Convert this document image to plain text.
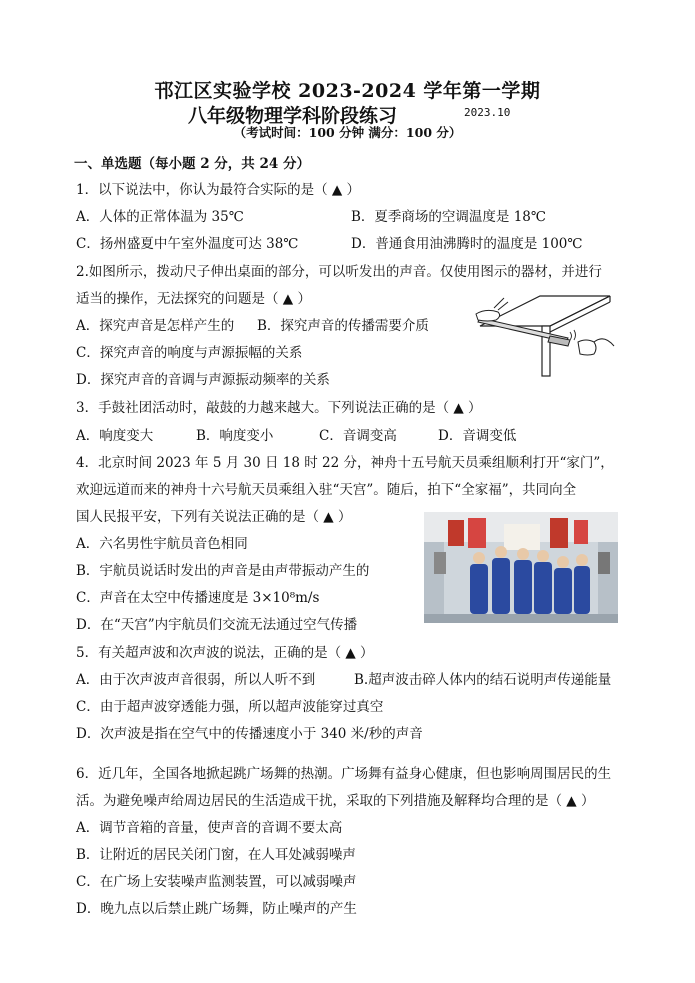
邗江区实验学校 2023-2024 学年第一学期
八年级物理学科阶段练习	2023.10
（考试时间：100 分钟 满分：100 分）
一、单选题（每小题 2 分，共 24 分）
1．以下说法中，你认为最符合实际的是（ ▲ ）
A．人体的正常体温为 35℃	B．夏季商场的空调温度是 18℃
C．扬州盛夏中午室外温度可达 38℃	D．普通食用油沸腾时的温度是 100℃
2.如图所示，拨动尺子伸出桌面的部分，可以听发出的声音。仅使用图示的器材，并进行
适当的操作，无法探究的问题是（ ▲ ）
A．探究声音是怎样产生的 B．探究声音的传播需要介质
C．探究声音的响度与声源振幅的关系
D．探究声音的音调与声源振动频率的关系
3．手鼓社团活动时，敲鼓的力越来越大。下列说法正确的是（ ▲ ）
A．响度变大	B．响度变小	C．音调变高	D．音调变低
4．北京时间 2023 年 5 月 30 日 18 时 22 分，神舟十五号航天员乘组顺利打开“家门”，
欢迎远道而来的神舟十六号航天员乘组入驻“天宫”。随后，拍下“全家福”，共同向全
国人民报平安，下列有关说法正确的是（ ▲ ）
A．六名男性宇航员音色相同
B．宇航员说话时发出的声音是由声带振动产生的
C．声音在太空中传播速度是 3×10⁸m/s
D．在“天宫”内宇航员们交流无法通过空气传播
5．有关超声波和次声波的说法，正确的是（ ▲ ）
A．由于次声波声音很弱，所以人听不到	B.超声波击碎人体内的结石说明声传递能量
C．由于超声波穿透能力强，所以超声波能穿过真空
D．次声波是指在空气中的传播速度小于 340 米/秒的声音
6．近几年，全国各地掀起跳广场舞的热潮。广场舞有益身心健康，但也影响周围居民的生
活。为避免噪声给周边居民的生活造成干扰，采取的下列措施及解释均合理的是（ ▲ ）
A．调节音箱的音量，使声音的音调不要太高
B．让附近的居民关闭门窗，在人耳处减弱噪声
C．在广场上安装噪声监测装置，可以减弱噪声
D．晚九点以后禁止跳广场舞，防止噪声的产生
